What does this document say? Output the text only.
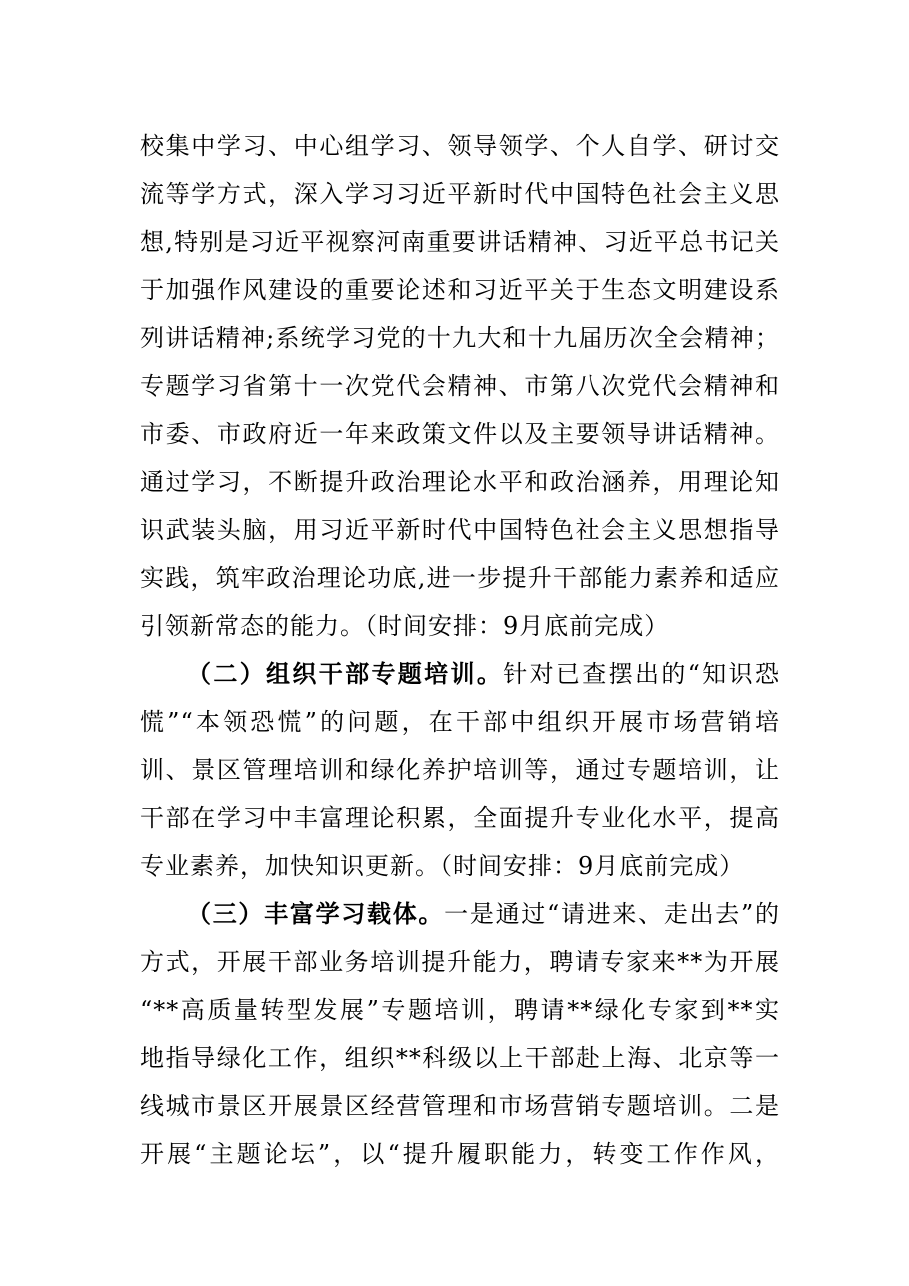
校集中学习、中心组学习、领导领学、个人自学、研讨交
流等学方式，深入学习习近平新时代中国特色社会主义思
想,特别是习近平视察河南重要讲话精神、习近平总书记关
于加强作风建设的重要论述和习近平关于生态文明建设系
列讲话精神;系统学习党的十九大和十九届历次全会精神；
专题学习省第十一次党代会精神、市第八次党代会精神和
市委、市政府近一年来政策文件以及主要领导讲话精神。
通过学习，不断提升政治理论水平和政治涵养，用理论知
识武装头脑，用习近平新时代中国特色社会主义思想指导
实践，筑牢政治理论功底,进一步提升干部能力素养和适应
引领新常态的能力。（时间安排：9月底前完成）
（二）组织干部专题培训。针对已查摆出的“知识恐
慌”“本领恐慌”的问题，在干部中组织开展市场营销培
训、景区管理培训和绿化养护培训等，通过专题培训，让
干部在学习中丰富理论积累，全面提升专业化水平，提高
专业素养，加快知识更新。（时间安排：9月底前完成）
（三）丰富学习载体。一是通过“请进来、走出去”的
方式，开展干部业务培训提升能力，聘请专家来**为开展
“**高质量转型发展”专题培训，聘请**绿化专家到**实
地指导绿化工作，组织**科级以上干部赴上海、北京等一
线城市景区开展景区经营管理和市场营销专题培训。二是
开展“主题论坛”，以“提升履职能力，转变工作作风，
